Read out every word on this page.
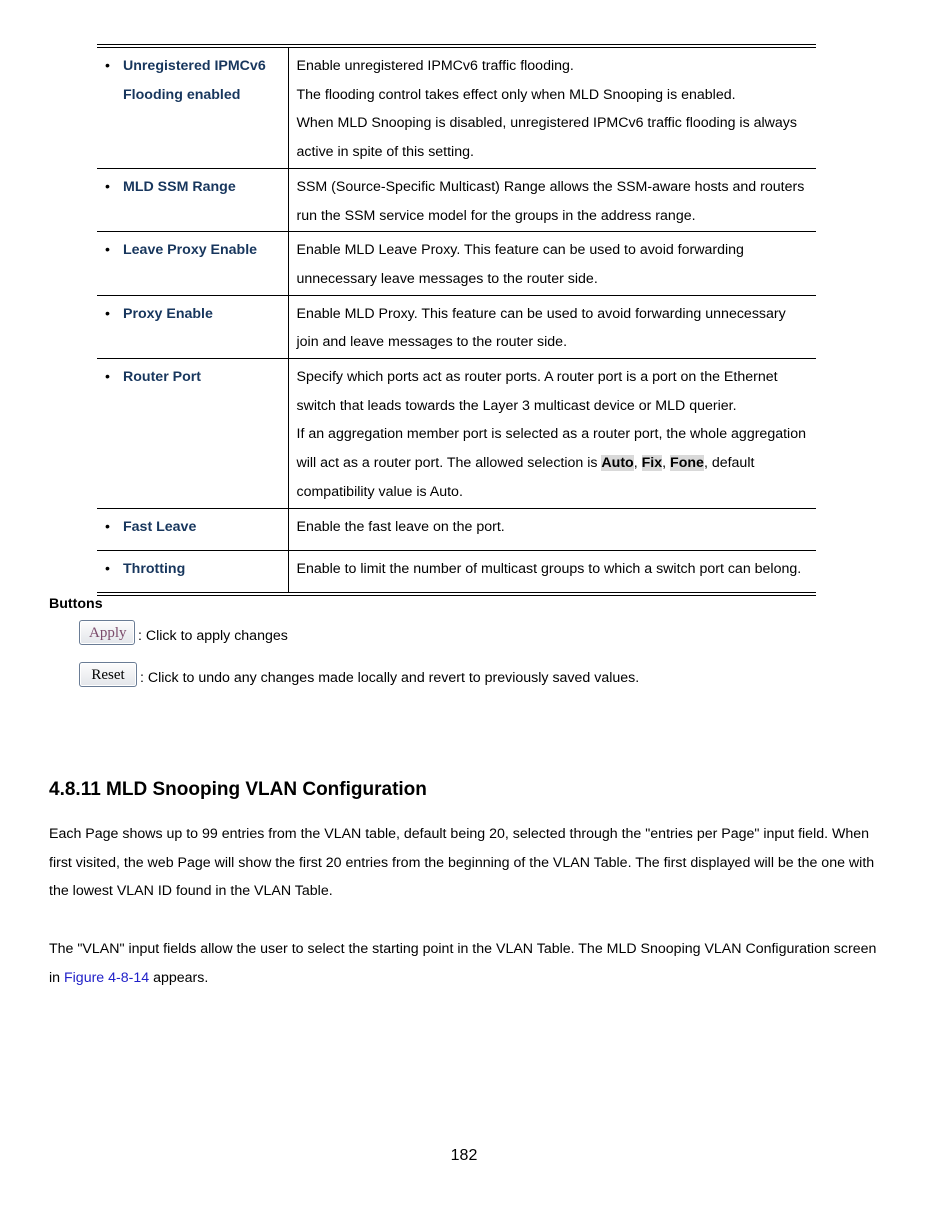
• Unregistered IPMCv6 Flooding enabled	Enable unregistered IPMCv6 traffic flooding.
The flooding control takes effect only when MLD Snooping is enabled.
When MLD Snooping is disabled, unregistered IPMCv6 traffic flooding is always active in spite of this setting.

• MLD SSM Range	SSM (Source-Specific Multicast) Range allows the SSM-aware hosts and routers run the SSM service model for the groups in the address range.

• Leave Proxy Enable	Enable MLD Leave Proxy. This feature can be used to avoid forwarding unnecessary leave messages to the router side.

• Proxy Enable	Enable MLD Proxy. This feature can be used to avoid forwarding unnecessary join and leave messages to the router side.

• Router Port	Specify which ports act as router ports. A router port is a port on the Ethernet switch that leads towards the Layer 3 multicast device or MLD querier.
If an aggregation member port is selected as a router port, the whole aggregation will act as a router port. The allowed selection is Auto, Fix, Fone, default compatibility value is Auto.

• Fast Leave	Enable the fast leave on the port.

• Throtting	Enable to limit the number of multicast groups to which a switch port can belong.
Buttons
Apply : Click to apply changes
Reset	: Click to undo any changes made locally and revert to previously saved values.
4.8.11 MLD Snooping VLAN Configuration

Each Page shows up to 99 entries from the VLAN table, default being 20, selected through the "entries per Page" input field. When first visited, the web Page will show the first 20 entries from the beginning of the VLAN Table. The first displayed will be the one with the lowest VLAN ID found in the VLAN Table.

The "VLAN" input fields allow the user to select the starting point in the VLAN Table. The MLD Snooping VLAN Configuration screen in Figure 4-8-14 appears.

182
